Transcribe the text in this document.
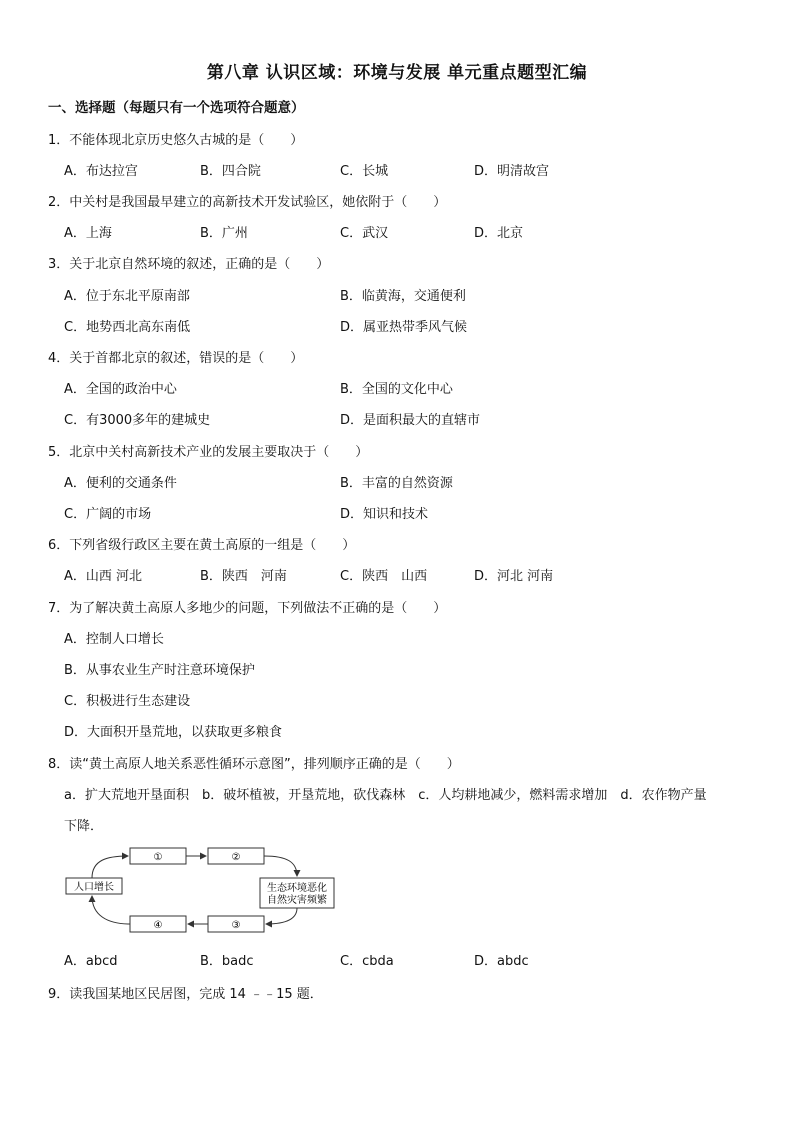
第八章 认识区域：环境与发展 单元重点题型汇编
一、选择题（每题只有一个选项符合题意）
1．不能体现北京历史悠久古城的是（　　）
A．布达拉宫	B．四合院	C．长城	D．明清故宫
2．中关村是我国最早建立的高新技术开发试验区，她依附于（　　）
A．上海	B．广州	C．武汉	D．北京
3．关于北京自然环境的叙述，正确的是（　　）
A．位于东北平原南部	B．临黄海，交通便利
C．地势西北高东南低	D．属亚热带季风气候
4．关于首都北京的叙述，错误的是（　　）
A．全国的政治中心	B．全国的文化中心
C．有3000多年的建城史	D．是面积最大的直辖市
5．北京中关村高新技术产业的发展主要取决于（　　）
A．便利的交通条件	B．丰富的自然资源
C．广阔的市场	D．知识和技术
6．下列省级行政区主要在黄土高原的一组是（　　）
A．山西 河北	B．陕西　河南	C．陕西　山西	D．河北 河南
7．为了解决黄土高原人多地少的问题，下列做法不正确的是（　　）
A．控制人口增长
B．从事农业生产时注意环境保护
C．积极进行生态建设
D．大面积开垦荒地，以获取更多粮食
8．读“黄土高原人地关系恶性循环示意图”，排列顺序正确的是（　　）
a．扩大荒地开垦面积　b．破坏植被，开垦荒地，砍伐森林　c．人均耕地减少，燃料需求增加　d．农作物产量
下降．
①	②
④	③
人口增长	生态环境恶化
自然灾害频繁
A．abcd	B．badc	C．cbda	D．abdc
9．读我国某地区民居图，完成 14 ﹣﹣15 题．
